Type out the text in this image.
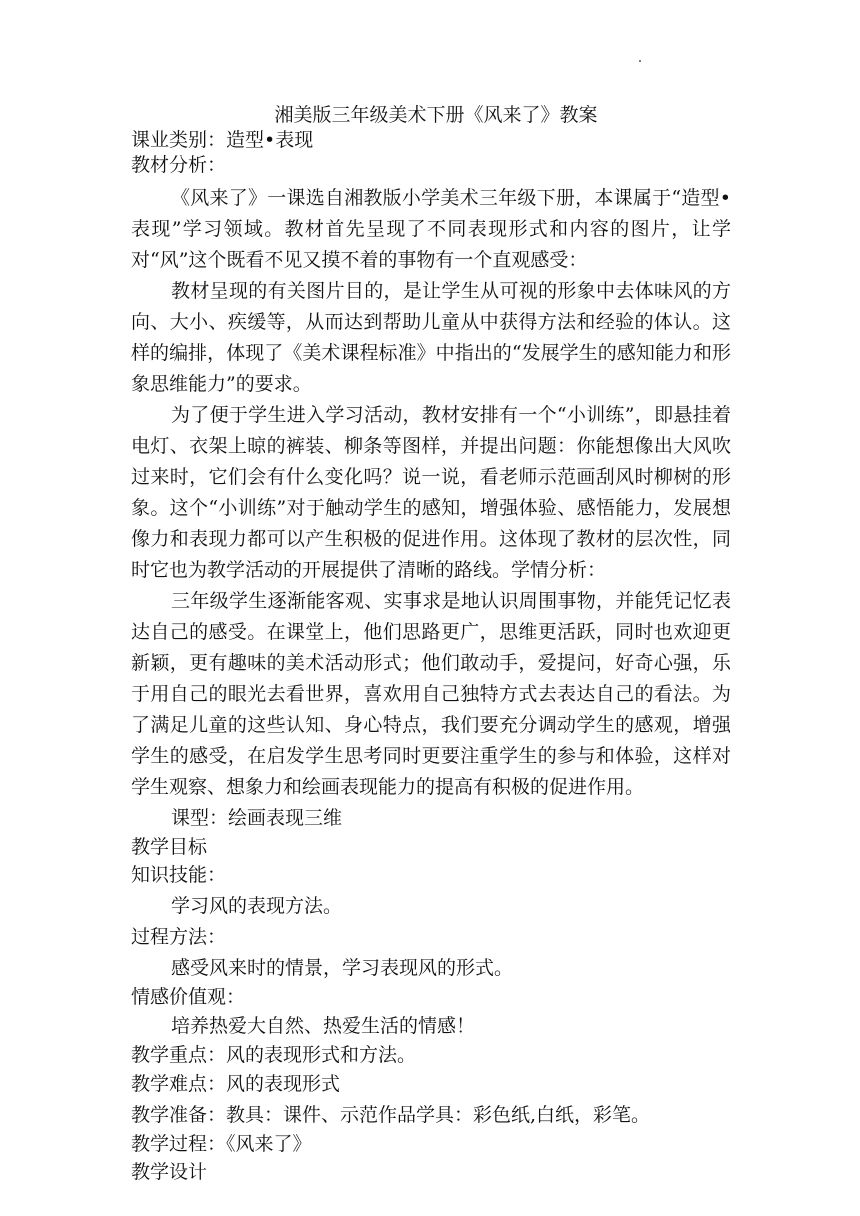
湘美版三年级美术下册《风来了》教案

课业类别：造型•表现

教材分析：

《风来了》一课选自湘教版小学美术三年级下册，本课属于“造型•表现”学习领域。教材首先呈现了不同表现形式和内容的图片，让学对“风”这个既看不见又摸不着的事物有一个直观感受：

教材呈现的有关图片目的，是让学生从可视的形象中去体味风的方向、大小、疾缓等，从而达到帮助儿童从中获得方法和经验的体认。这样的编排，体现了《美术课程标准》中指出的“发展学生的感知能力和形象思维能力”的要求。

为了便于学生进入学习活动，教材安排有一个“小训练”，即悬挂着电灯、衣架上晾的裤装、柳条等图样，并提出问题：你能想像出大风吹过来时，它们会有什么变化吗？说一说，看老师示范画刮风时柳树的形象。这个“小训练”对于触动学生的感知，增强体验、感悟能力，发展想像力和表现力都可以产生积极的促进作用。这体现了教材的层次性，同时它也为教学活动的开展提供了清晰的路线。学情分析：

三年级学生逐渐能客观、实事求是地认识周围事物，并能凭记忆表达自己的感受。在课堂上，他们思路更广，思维更活跃，同时也欢迎更新颖，更有趣味的美术活动形式；他们敢动手，爱提问，好奇心强，乐于用自己的眼光去看世界，喜欢用自己独特方式去表达自己的看法。为了满足儿童的这些认知、身心特点，我们要充分调动学生的感观，增强学生的感受，在启发学生思考同时更要注重学生的参与和体验，这样对学生观察、想象力和绘画表现能力的提高有积极的促进作用。

课型：绘画表现三维

教学目标

知识技能：

学习风的表现方法。

过程方法：

感受风来时的情景，学习表现风的形式。

情感价值观：

培养热爱大自然、热爱生活的情感！

教学重点：风的表现形式和方法。

教学难点：风的表现形式

教学准备：教具：课件、示范作品学具：彩色纸,白纸，彩笔。

教学过程：《风来了》

教学设计
